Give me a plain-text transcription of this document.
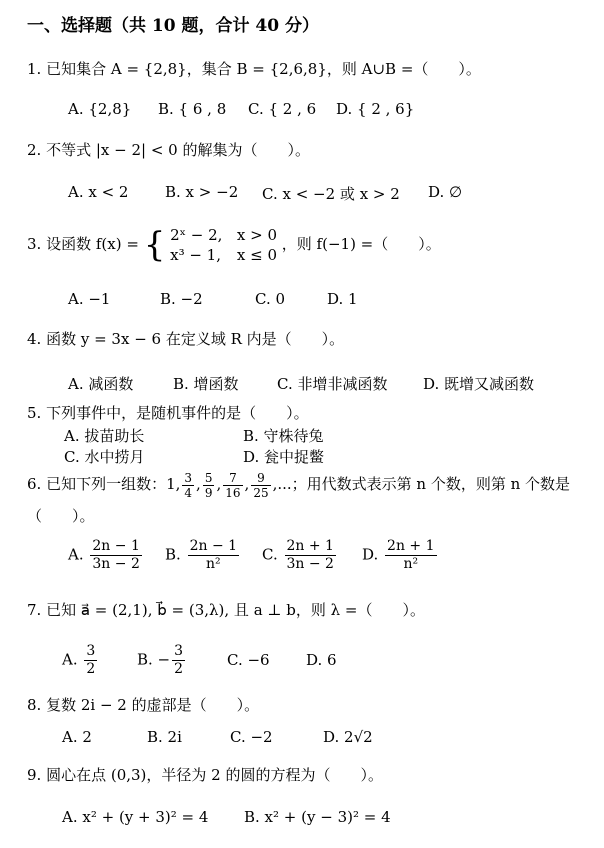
一、选择题（共 10 题，合计 40 分）
1. 已知集合 A = {2,8}，集合 B = {2,6,8}，则 A∪B =（　　）。
A. {2,8} B. { 6 , 8 C. { 2 , 6 D. { 2 , 6}
2. 不等式 |x − 2| < 0 的解集为（　　）。
A. x < 2 B. x > −2 C. x < −2 或 x > 2 D. ∅
3. 设函数 f(x) = { 2ˣ − 2, x > 0
x³ − 1, x ≤ 0
，则 f(−1) =（　　）。
A. −1	B. −2	C. 0	D. 1
4. 函数 y = 3x − 6 在定义域 R 内是（　　）。
A. 减函数	B. 增函数	C. 非增非减函数 D. 既增又减函数
5. 下列事件中，是随机事件的是（　　）。
A. 拔苗助长	B. 守株待兔
C. 水中捞月	D. 瓮中捉鳖
6. 已知下列一组数：1, $\frac{3}{4}$ , $\frac{5}{9}$ , $\frac{7}{16}$ , $\frac{9}{25}$ ,...；用代数式表示第 n 个数，则第 n 个数是
（　　）。
A. $\frac{2n - 1}{3n - 2} B$. $\frac{2n - 1}{\text{n²}} C$. $\frac{2n + 1}{3n - 2} D$. $\frac{2n + 1}{\text{n²}}$
7. 已知 a⃗ = (2,1), b⃗ = (3,λ), 且 a ⊥ b，则 λ =（　　）。
A. $\frac{3}{2}$	B. − $\frac{3}{2}$	C. −6 D. 6
8. 复数 2i − 2 的虚部是（　　）。
A. 2	B. 2i	C. −2	D. 2√2
9. 圆心在点 (0,3)，半径为 2 的圆的方程为（　　）。
A. x² + (y + 3)² = 4 B. x² + (y − 3)² = 4
